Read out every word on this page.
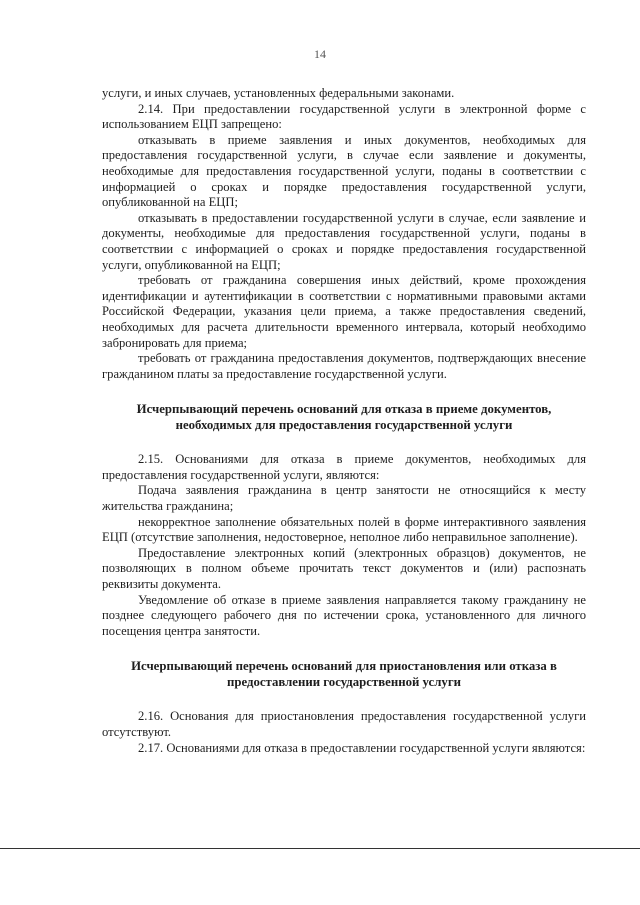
14

услуги, и иных случаев, установленных федеральными законами.

2.14. При предоставлении государственной услуги в электронной форме с использованием ЕЦП запрещено:

отказывать в приеме заявления и иных документов, необходимых для предоставления государственной услуги, в случае если заявление и документы, необходимые для предоставления государственной услуги, поданы в соответствии с информацией о сроках и порядке предоставления государственной услуги, опубликованной на ЕЦП;

отказывать в предоставлении государственной услуги в случае, если заявление и документы, необходимые для предоставления государственной услуги, поданы в соответствии с информацией о сроках и порядке предоставления государственной услуги, опубликованной на ЕЦП;

требовать от гражданина совершения иных действий, кроме прохождения идентификации и аутентификации в соответствии с нормативными правовыми актами Российской Федерации, указания цели приема, а также предоставления сведений, необходимых для расчета длительности временного интервала, который необходимо забронировать для приема;

требовать от гражданина предоставления документов, подтверждающих внесение гражданином платы за предоставление государственной услуги.

Исчерпывающий перечень оснований для отказа в приеме документов, необходимых для предоставления государственной услуги

2.15. Основаниями для отказа в приеме документов, необходимых для предоставления государственной услуги, являются:

Подача заявления гражданина в центр занятости не относящийся к месту жительства гражданина;

некорректное заполнение обязательных полей в форме интерактивного заявления ЕЦП (отсутствие заполнения, недостоверное, неполное либо неправильное заполнение).

Предоставление электронных копий (электронных образцов) документов, не позволяющих в полном объеме прочитать текст документов и (или) распознать реквизиты документа.

Уведомление об отказе в приеме заявления направляется такому гражданину не позднее следующего рабочего дня по истечении срока, установленного для личного посещения центра занятости.

Исчерпывающий перечень оснований для приостановления или отказа в предоставлении государственной услуги

2.16. Основания для приостановления предоставления государственной услуги отсутствуют.

2.17. Основаниями для отказа в предоставлении государственной услуги являются:
